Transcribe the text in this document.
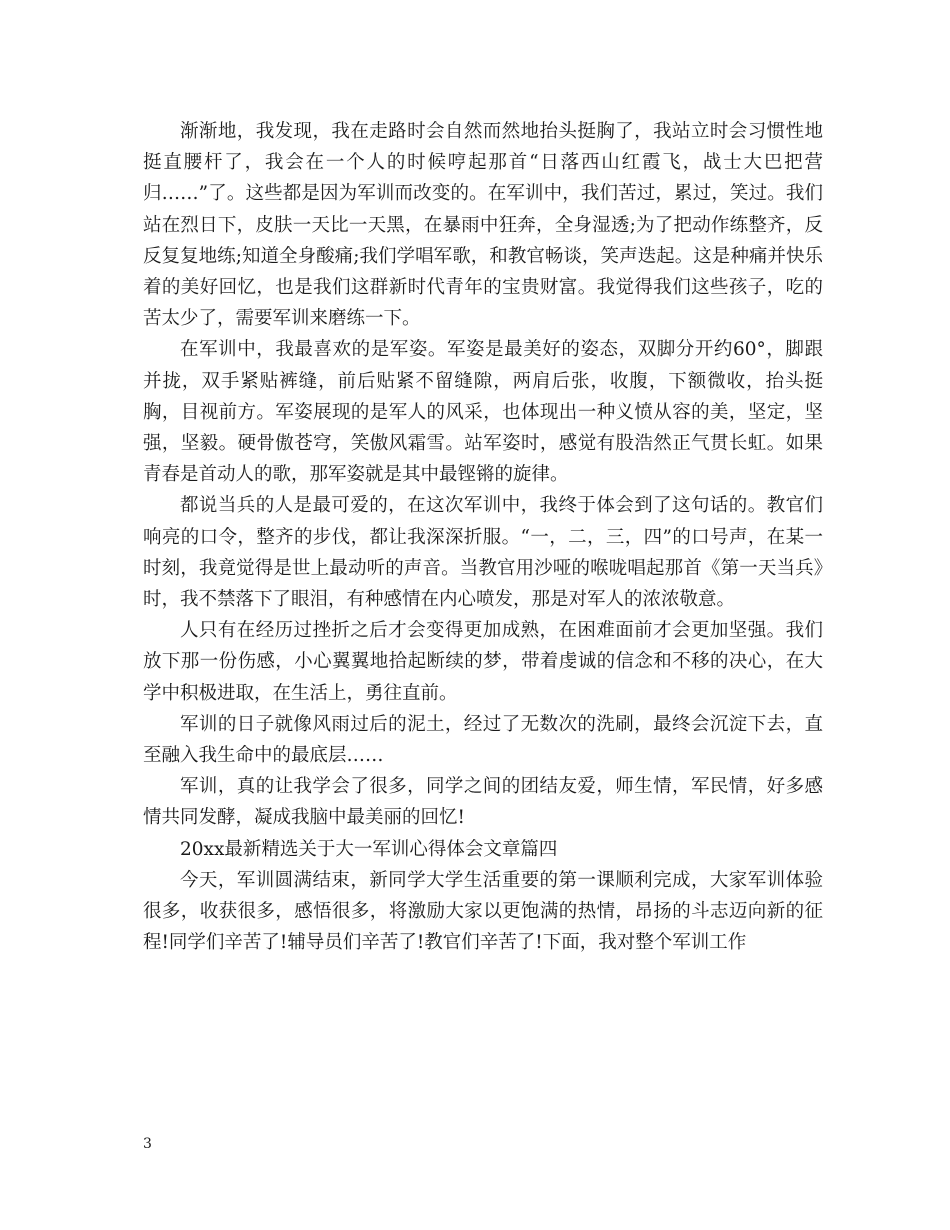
渐渐地，我发现，我在走路时会自然而然地抬头挺胸了，我站立时会习惯性地挺直腰杆了，我会在一个人的时候哼起那首“日落西山红霞飞，战士大巴把营归……”了。这些都是因为军训而改变的。在军训中，我们苦过，累过，笑过。我们站在烈日下，皮肤一天比一天黑，在暴雨中狂奔，全身湿透;为了把动作练整齐，反反复复地练;知道全身酸痛;我们学唱军歌，和教官畅谈，笑声迭起。这是种痛并快乐着的美好回忆，也是我们这群新时代青年的宝贵财富。我觉得我们这些孩子，吃的苦太少了，需要军训来磨练一下。

在军训中，我最喜欢的是军姿。军姿是最美好的姿态，双脚分开约60°，脚跟并拢，双手紧贴裤缝，前后贴紧不留缝隙，两肩后张，收腹，下额微收，抬头挺胸，目视前方。军姿展现的是军人的风采，也体现出一种义愤从容的美，坚定，坚强，坚毅。硬骨傲苍穹，笑傲风霜雪。站军姿时，感觉有股浩然正气贯长虹。如果青春是首动人的歌，那军姿就是其中最铿锵的旋律。

都说当兵的人是最可爱的，在这次军训中，我终于体会到了这句话的。教官们响亮的口令，整齐的步伐，都让我深深折服。“一，二，三，四”的口号声，在某一时刻，我竟觉得是世上最动听的声音。当教官用沙哑的喉咙唱起那首《第一天当兵》时，我不禁落下了眼泪，有种感情在内心喷发，那是对军人的浓浓敬意。

人只有在经历过挫折之后才会变得更加成熟，在困难面前才会更加坚强。我们放下那一份伤感，小心翼翼地拾起断续的梦，带着虔诚的信念和不移的决心，在大学中积极进取，在生活上，勇往直前。

军训的日子就像风雨过后的泥土，经过了无数次的洗刷，最终会沉淀下去，直至融入我生命中的最底层……

军训，真的让我学会了很多，同学之间的团结友爱，师生情，军民情，好多感情共同发酵，凝成我脑中最美丽的回忆!

20xx最新精选关于大一军训心得体会文章篇四

今天，军训圆满结束，新同学大学生活重要的第一课顺利完成，大家军训体验很多，收获很多，感悟很多，将激励大家以更饱满的热情，昂扬的斗志迈向新的征程!同学们辛苦了!辅导员们辛苦了!教官们辛苦了!下面，我对整个军训工作

3
